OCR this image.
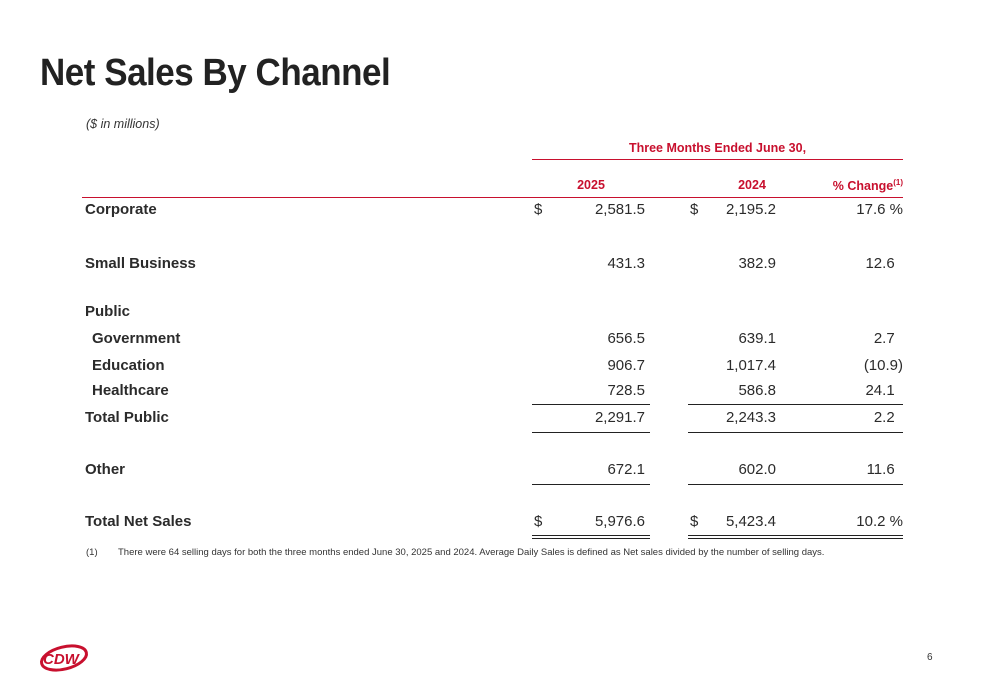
Net Sales By Channel
($ in millions)
Three Months Ended June 30,
2025	2024	% Change$^{(1)}$
Corporate	$	2,581.5	$	2,195.2	17.6 %
Small Business	431.3	382.9	12.6
Public
Government	656.5	639.1	2.7
Education	906.7	1,017.4	(10.9)
Healthcare	728.5	586.8	24.1
Total Public	2,291.7	2,243.3	2.2
Other	672.1	602.0	11.6
Total Net Sales	$	5,976.6	$	5,423.4	10.2 %
(1) There were 64 selling days for both the three months ended June 30, 2025 and 2024. Average Daily Sales is defined as Net sales divided by the number of selling days.
CDW	6
